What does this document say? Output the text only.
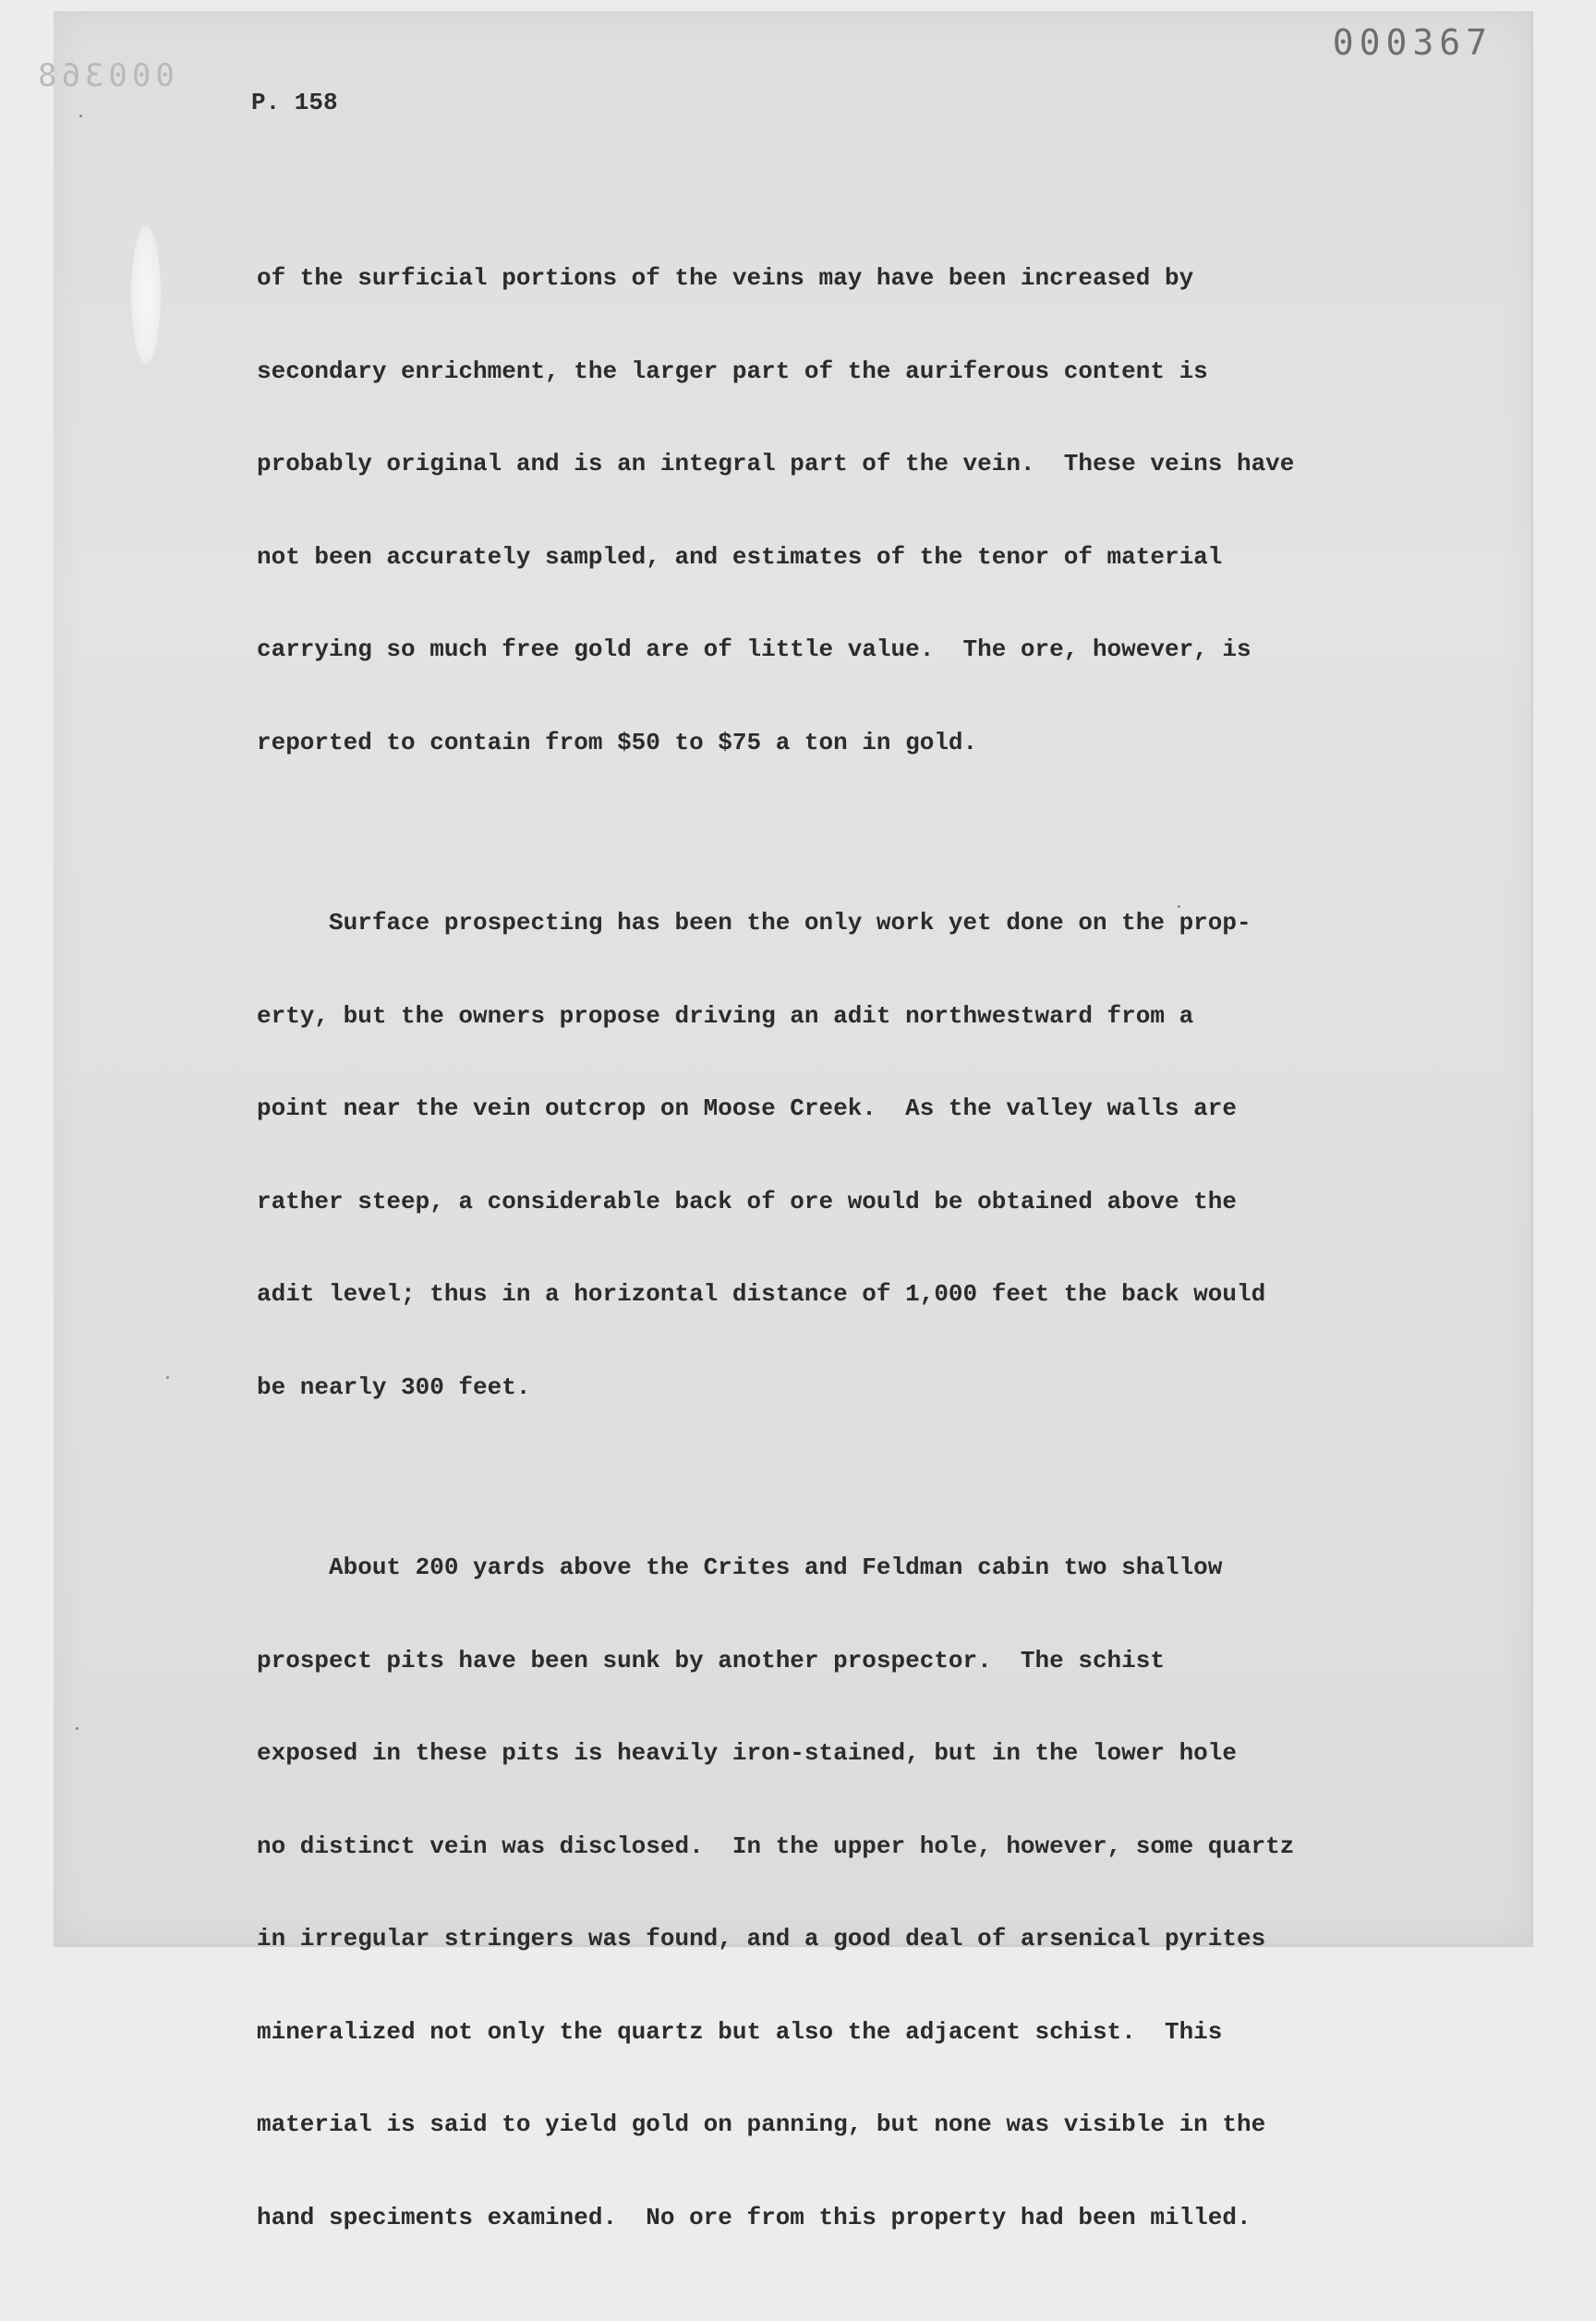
000368
000367
P. 158

of the surficial portions of the veins may have been increased by

secondary enrichment, the larger part of the auriferous content is

probably original and is an integral part of the vein.  These veins have

not been accurately sampled, and estimates of the tenor of material

carrying so much free gold are of little value.  The ore, however, is

reported to contain from $50 to $75 a ton in gold.

Surface prospecting has been the only work yet done on the prop-

erty, but the owners propose driving an adit northwestward from a

point near the vein outcrop on Moose Creek.  As the valley walls are

rather steep, a considerable back of ore would be obtained above the

adit level; thus in a horizontal distance of 1,000 feet the back would

be nearly 300 feet.

About 200 yards above the Crites and Feldman cabin two shallow

prospect pits have been sunk by another prospector.  The schist

exposed in these pits is heavily iron-stained, but in the lower hole

no distinct vein was disclosed.  In the upper hole, however, some quartz

in irregular stringers was found, and a good deal of arsenical pyrites

mineralized not only the quartz but also the adjacent schist.  This

material is said to yield gold on panning, but none was visible in the

hand speciments examined.  No ore from this property had been milled.
